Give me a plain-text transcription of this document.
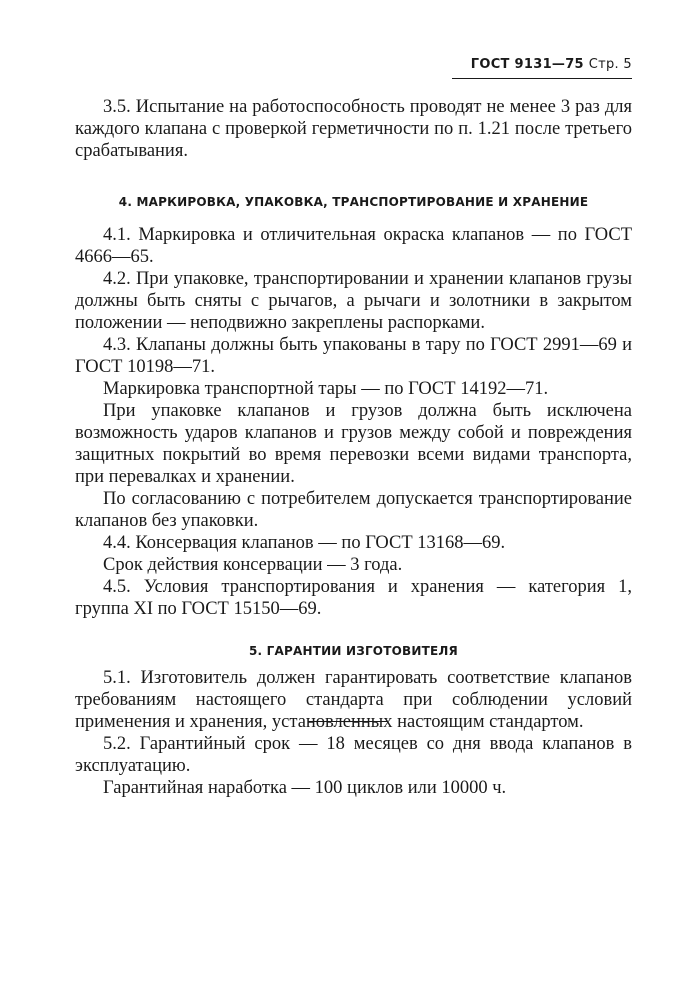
ГОСТ 9131—75 Стр. 5

3.5. Испытание на работоспособность проводят не менее 3 раз для каждого клапана с проверкой герметичности по п. 1.21 после третьего срабатывания.

4. МАРКИРОВКА, УПАКОВКА, ТРАНСПОРТИРОВАНИЕ И ХРАНЕНИЕ

4.1. Маркировка и отличительная окраска клапанов — по ГОСТ 4666—65.

4.2. При упаковке, транспортировании и хранении клапанов грузы должны быть сняты с рычагов, а рычаги и золотники в закрытом положении — неподвижно закреплены распорками.

4.3. Клапаны должны быть упакованы в тару по ГОСТ 2991—69 и ГОСТ 10198—71.

Маркировка транспортной тары — по ГОСТ 14192—71.

При упаковке клапанов и грузов должна быть исключена возможность ударов клапанов и грузов между собой и повреждения защитных покрытий во время перевозки всеми видами транспорта, при перевалках и хранении.

По согласованию с потребителем допускается транспортирование клапанов без упаковки.

4.4. Консервация клапанов — по ГОСТ 13168—69.

Срок действия консервации — 3 года.

4.5. Условия транспортирования и хранения — категория 1, группа XI по ГОСТ 15150—69.

5. ГАРАНТИИ ИЗГОТОВИТЕЛЯ

5.1. Изготовитель должен гарантировать соответствие клапанов требованиям настоящего стандарта при соблюдении условий применения и хранения, установленных настоящим стандартом.

5.2. Гарантийный срок — 18 месяцев со дня ввода клапанов в эксплуатацию.

Гарантийная наработка — 100 циклов или 10000 ч.
